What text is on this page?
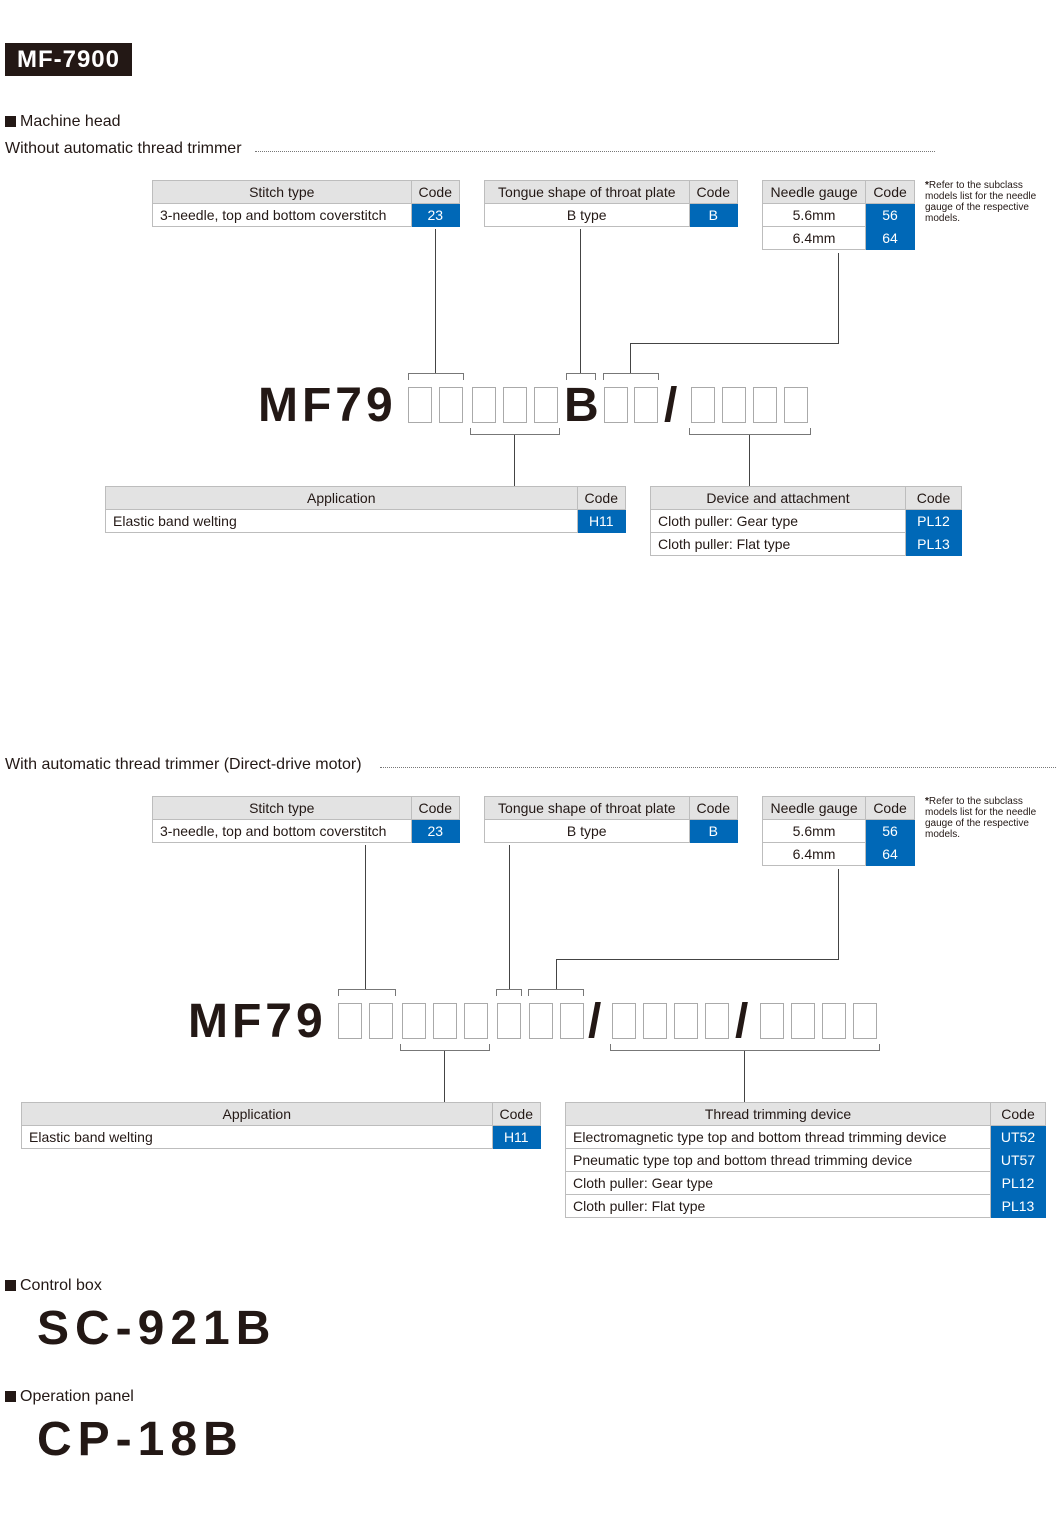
MF-7900
Machine head
Without automatic thread trimmer
Stitch type	Code
3-needle, top and bottom coverstitch	23
Tongue shape of throat plate	Code
B type	B
Needle gauge	Code
5.6mm	56
6.4mm	64
*Refer to the subclass models list for the needle gauge of the respective models.
MF79	B /
Application	Code
Elastic band welting	H11
Device and attachment	Code
Cloth puller: Gear type	PL12
Cloth puller: Flat type	PL13
With automatic thread trimmer (Direct-drive motor)
Stitch type	Code
3-needle, top and bottom coverstitch	23
Tongue shape of throat plate	Code
B type	B
Needle gauge	Code
5.6mm	56
6.4mm	64
*Refer to the subclass models list for the needle gauge of the respective models.
MF79	/	/
Application	Code
Elastic band welting	H11
Thread trimming device	Code
Electromagnetic type top and bottom thread trimming device	UT52
Pneumatic type top and bottom thread trimming device	UT57
Cloth puller: Gear type	PL12
Cloth puller: Flat type	PL13
Control box
SC-921B
Operation panel
CP-18B
